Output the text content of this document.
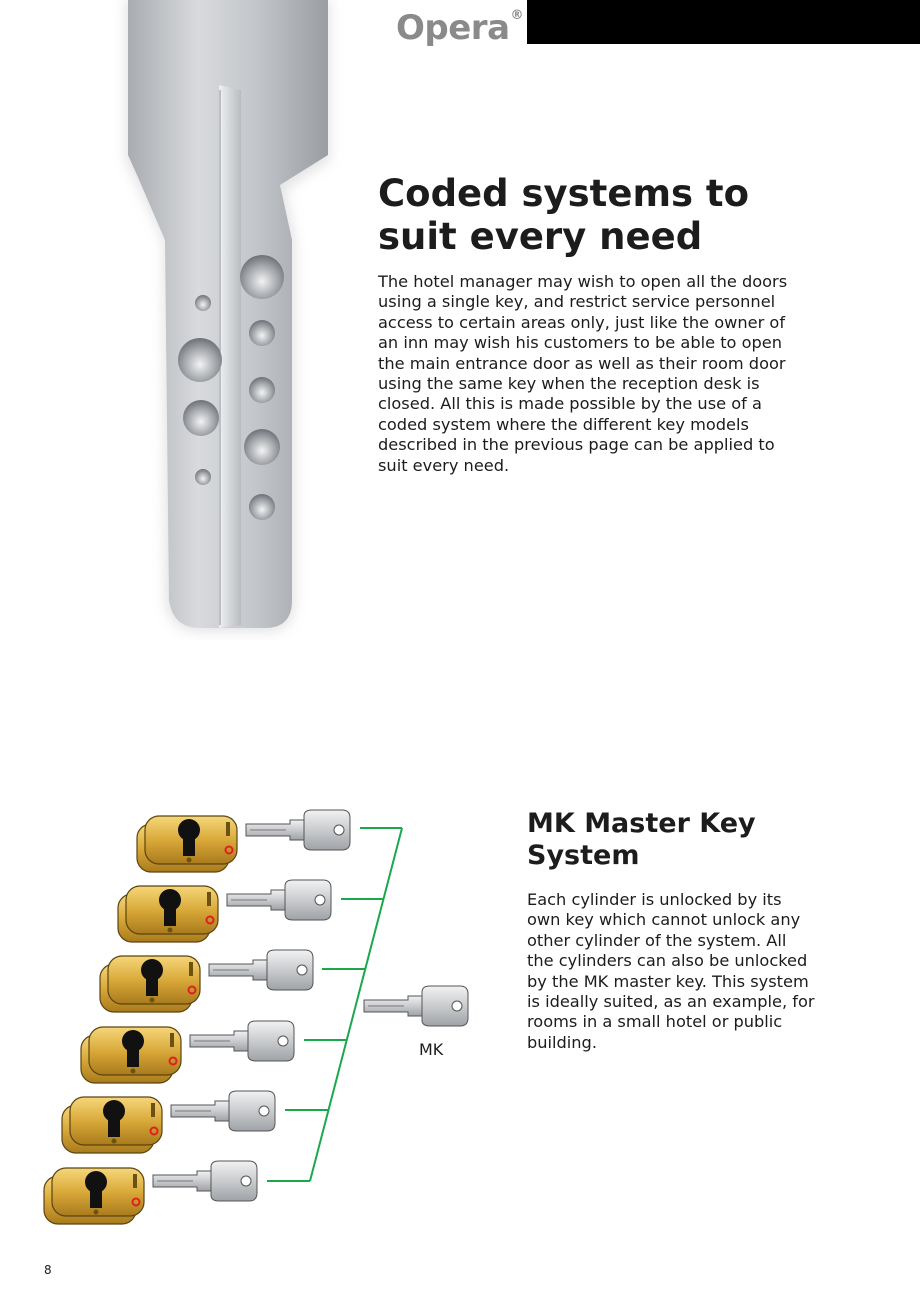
Opera®
Coded systems to suit every need

The hotel manager may wish to open all the doors using a single key, and restrict service personnel access to certain areas only, just like the owner of an inn may wish his customers to be able to open the main entrance door as well as their room door using the same key when the reception desk is closed. All this is made possible by the use of a coded system where the different key models described in the previous page can be applied to suit every need.

MK Master Key System

Each cylinder is unlocked by its own key which cannot unlock any other cylinder of the system. All the cylinders can also be unlocked by the MK master key. This system is ideally suited, as an example, for rooms in a small hotel or public building.

MK
8
